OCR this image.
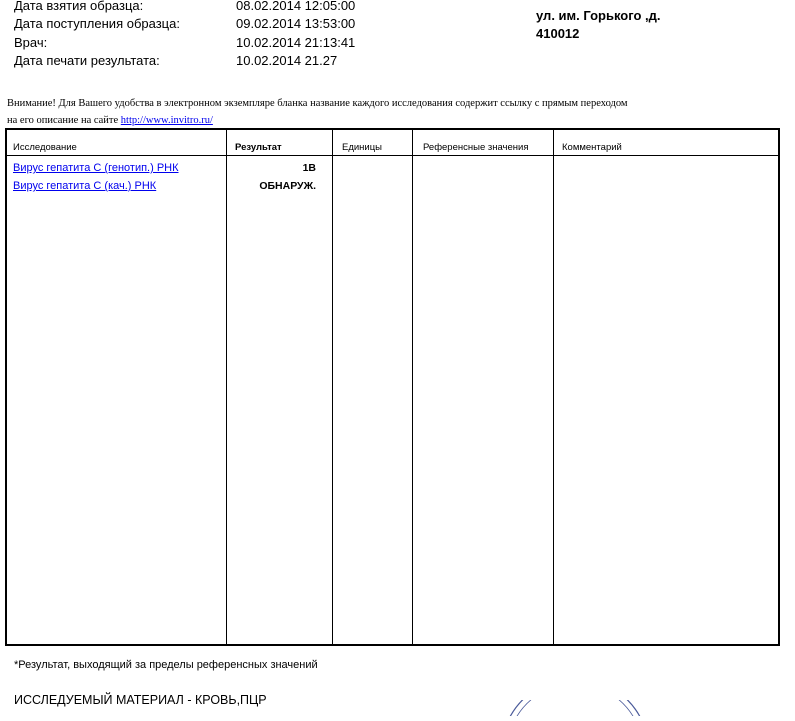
Дата взятия образца:	08.02.2014 12:05:00
Дата поступления образца:	09.02.2014 13:53:00
Врач:	10.02.2014 21:13:41
Дата печати результата:	10.02.2014 21.27
ул. им. Горького ,д.
410012
Внимание! Для Вашего удобства в электронном экземпляре бланка название каждого исследования содержит ссылку с прямым переходом
на его описание на сайте http://www.invitro.ru/
Исследование	Результат	Единицы	Референсные значения	Комментарий
Вирус гепатита С (генотип.) РНК	1В
Вирус гепатита С (кач.) РНК	ОБНАРУЖ.
*Результат, выходящий за пределы референсных значений
ИССЛЕДУЕМЫЙ МАТЕРИАЛ - КРОВЬ,ПЦР
